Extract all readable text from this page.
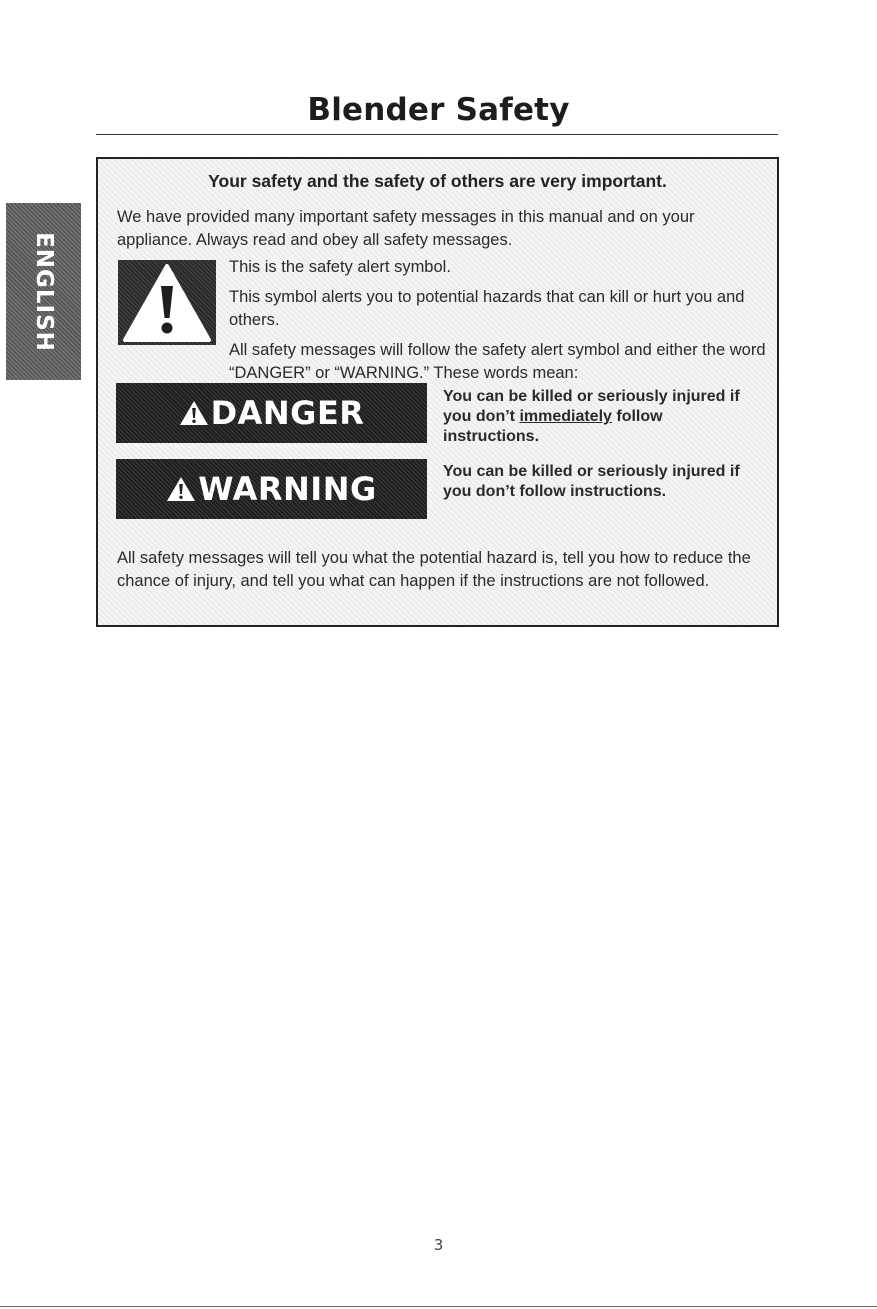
Blender Safety
ENGLISH
Your safety and the safety of others are very important.
We have provided many important safety messages in this manual and on your appliance. Always read and obey all safety messages.
This is the safety alert symbol.
This symbol alerts you to potential hazards that can kill or hurt you and others.
All safety messages will follow the safety alert symbol and either the word “DANGER” or “WARNING.” These words mean:
DANGER	You can be killed or seriously injured if you don’t immediately follow instructions.
WARNING	You can be killed or seriously injured if you don’t follow instructions.
All safety messages will tell you what the potential hazard is, tell you how to reduce the chance of injury, and tell you what can happen if the instructions are not followed.
3
